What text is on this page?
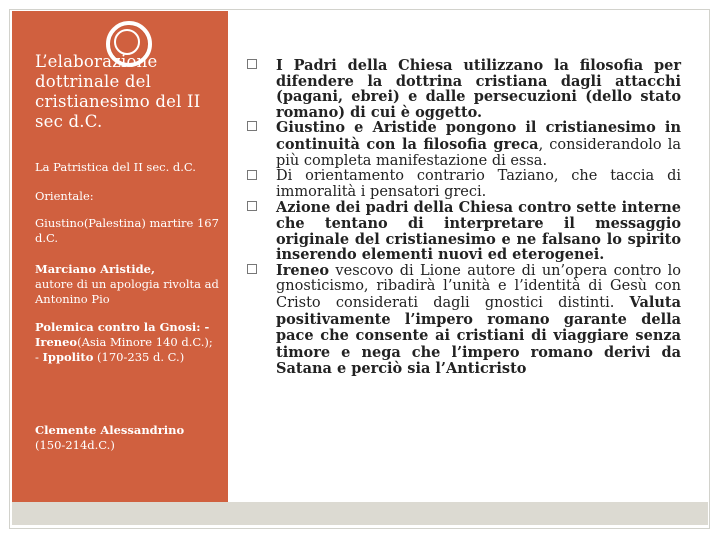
L’elaborazione dottrinale del cristianesimo del II sec d.C.
La Patristica del II sec. d.C.
Orientale:
Giustino(Palestina) martire 167 d.C.
Marciano Aristide,
autore di un apologia rivolta ad Antonino Pio
Polemica contro la Gnosi: -Ireneo(Asia Minore 140 d.C.); - Ippolito (170-235 d. C.)
Clemente Alessandrino
(150-214d.C.)
I Padri della Chiesa utilizzano la filosofia per difendere la dottrina cristiana dagli attacchi (pagani, ebrei) e dalle persecuzioni (dello stato romano) di cui è oggetto.
Giustino e Aristide pongono il cristianesimo in continuità con la filosofia greca, considerandolo la più completa manifestazione di essa.
Di orientamento contrario Taziano, che taccia di immoralità i pensatori greci.
Azione dei padri della Chiesa contro sette interne che tentano di interpretare il messaggio originale del cristianesimo e ne falsano lo spirito inserendo elementi nuovi ed eterogenei.
Ireneo vescovo di Lione autore di un’opera contro lo gnosticismo, ribadirà l’unità e l’identità di Gesù con Cristo considerati dagli gnostici distinti. Valuta positivamente l’impero romano garante della pace che consente ai cristiani di viaggiare senza timore e nega che l’impero romano derivi da Satana e perciò sia l’Anticristo
